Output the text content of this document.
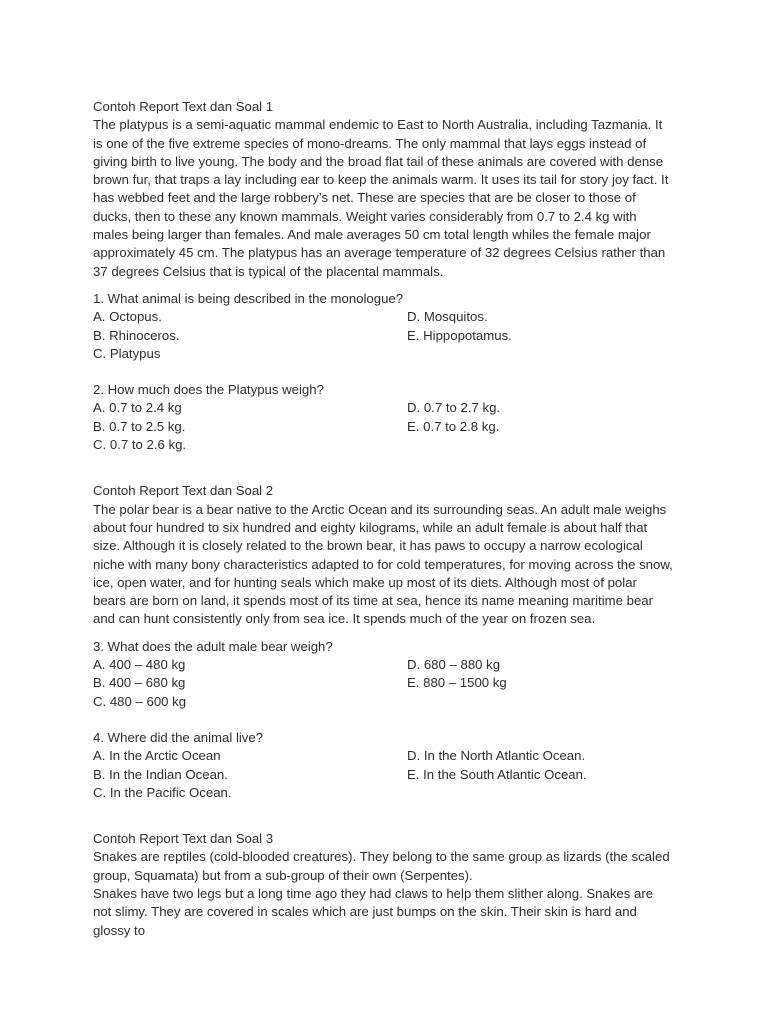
Contoh Report Text dan Soal 1

The platypus is a semi-aquatic mammal endemic to East to North Australia, including Tazmania. It is one of the five extreme species of mono-dreams. The only mammal that lays eggs instead of giving birth to live young. The body and the broad flat tail of these animals are covered with dense brown fur, that traps a lay including ear to keep the animals warm. It uses its tail for story joy fact. It has webbed feet and the large robbery’s net. These are species that are be closer to those of ducks, then to these any known mammals. Weight varies considerably from 0.7 to 2.4 kg with males being larger than females. And male averages 50 cm total length whiles the female major approximately 45 cm. The platypus has an average temperature of 32 degrees Celsius rather than 37 degrees Celsius that is typical of the placental mammals.

1. What animal is being described in the monologue?

A. Octopus.

B. Rhinoceros.

C. Platypus

D. Mosquitos.

E. Hippopotamus.

2. How much does the Platypus weigh?

A. 0.7 to 2.4 kg

B. 0.7 to 2.5 kg.

C. 0.7 to 2.6 kg.

D. 0.7 to 2.7 kg.

E. 0.7 to 2.8 kg.

Contoh Report Text dan Soal 2

The polar bear is a bear native to the Arctic Ocean and its surrounding seas. An adult male weighs about four hundred to six hundred and eighty kilograms, while an adult female is about half that size. Although it is closely related to the brown bear, it has paws to occupy a narrow ecological niche with many bony characteristics adapted to for cold temperatures, for moving across the snow, ice, open water, and for hunting seals which make up most of its diets. Although most of polar bears are born on land, it spends most of its time at sea, hence its name meaning maritime bear and can hunt consistently only from sea ice. It spends much of the year on frozen sea.

3. What does the adult male bear weigh?

A. 400 – 480 kg

B. 400 – 680 kg

C. 480 – 600 kg

D. 680 – 880 kg

E. 880 – 1500 kg

4. Where did the animal live?

A. In the Arctic Ocean

B. In the Indian Ocean.

C. In the Pacific Ocean.

D. In the North Atlantic Ocean.

E. In the South Atlantic Ocean.

Contoh Report Text dan Soal 3

Snakes are reptiles (cold-blooded creatures). They belong to the same group as lizards (the scaled group, Squamata) but from a sub-group of their own (Serpentes).

Snakes have two legs but a long time ago they had claws to help them slither along. Snakes are not slimy. They are covered in scales which are just bumps on the skin. Their skin is hard and glossy to
